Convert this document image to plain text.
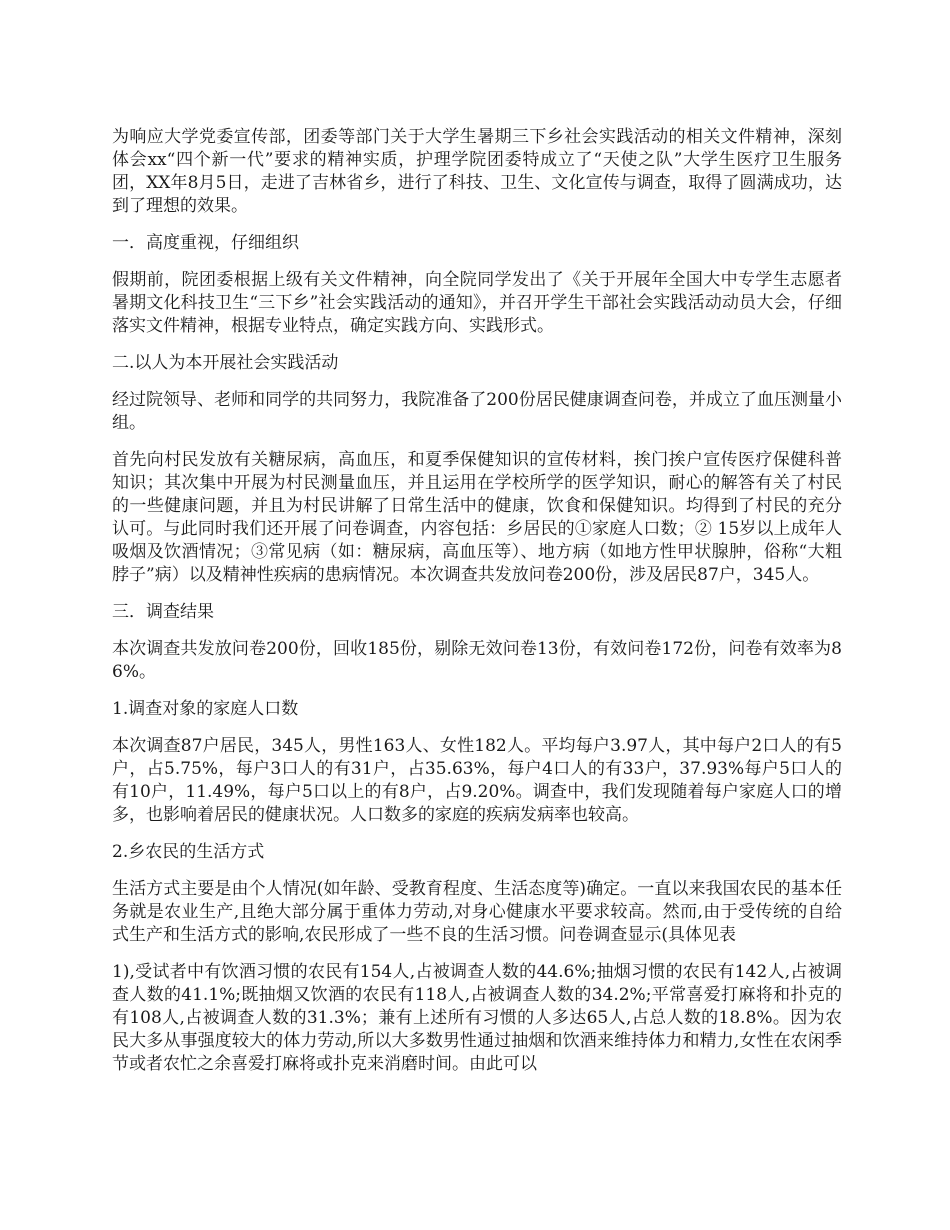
为响应大学党委宣传部，团委等部门关于大学生暑期三下乡社会实践活动的相关文件精神，深刻体会xx“四个新一代”要求的精神实质，护理学院团委特成立了“天使之队”大学生医疗卫生服务团，XX年8月5日，走进了吉林省乡，进行了科技、卫生、文化宣传与调查，取得了圆满成功，达到了理想的效果。

一．高度重视，仔细组织

假期前，院团委根据上级有关文件精神，向全院同学发出了《关于开展年全国大中专学生志愿者暑期文化科技卫生“三下乡”社会实践活动的通知》，并召开学生干部社会实践活动动员大会，仔细落实文件精神，根据专业特点，确定实践方向、实践形式。

二.以人为本开展社会实践活动

经过院领导、老师和同学的共同努力，我院准备了200份居民健康调查问卷，并成立了血压测量小组。

首先向村民发放有关糖尿病，高血压，和夏季保健知识的宣传材料，挨门挨户宣传医疗保健科普知识；其次集中开展为村民测量血压，并且运用在学校所学的医学知识，耐心的解答有关了村民的一些健康问题，并且为村民讲解了日常生活中的健康，饮食和保健知识。均得到了村民的充分认可。与此同时我们还开展了问卷调查，内容包括：乡居民的①家庭人口数；② 15岁以上成年人吸烟及饮酒情况；③常见病（如：糖尿病，高血压等）、地方病（如地方性甲状腺肿，俗称“大粗脖子”病）以及精神性疾病的患病情况。本次调查共发放问卷200份，涉及居民87户，345人。

三．调查结果

本次调查共发放问卷200份，回收185份，剔除无效问卷13份，有效问卷172份，问卷有效率为86%。

1.调查对象的家庭人口数

本次调查87户居民，345人，男性163人、女性182人。平均每户3.97人，其中每户2口人的有5户，占5.75%，每户3口人的有31户，占35.63%，每户4口人的有33户，37.93%每户5口人的有10户，11.49%，每户5口以上的有8户，占9.20%。调查中，我们发现随着每户家庭人口的增多，也影响着居民的健康状况。人口数多的家庭的疾病发病率也较高。

2.乡农民的生活方式

生活方式主要是由个人情况(如年龄、受教育程度、生活态度等)确定。一直以来我国农民的基本任务就是农业生产,且绝大部分属于重体力劳动,对身心健康水平要求较高。然而,由于受传统的自给式生产和生活方式的影响,农民形成了一些不良的生活习惯。问卷调查显示(具体见表

1),受试者中有饮酒习惯的农民有154人,占被调查人数的44.6%;抽烟习惯的农民有142人,占被调查人数的41.1%;既抽烟又饮酒的农民有118人,占被调查人数的34.2%;平常喜爱打麻将和扑克的有108人,占被调查人数的31.3%；兼有上述所有习惯的人多达65人,占总人数的18.8%。因为农民大多从事强度较大的体力劳动,所以大多数男性通过抽烟和饮酒来维持体力和精力,女性在农闲季节或者农忙之余喜爱打麻将或扑克来消磨时间。由此可以
